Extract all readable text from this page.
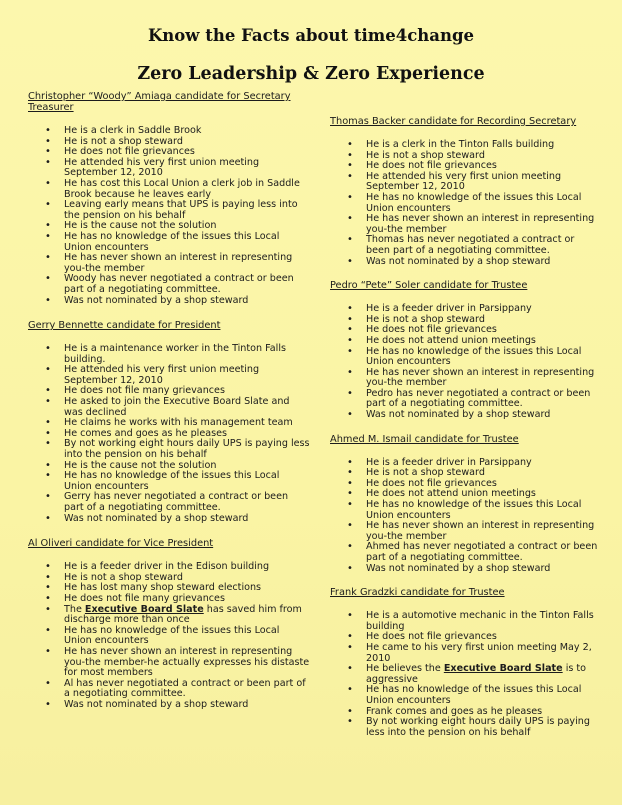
Know the Facts about time4change
Zero Leadership & Zero Experience

Christopher “Woody” Amiaga candidate for Secretary Treasurer

• He is a clerk in Saddle Brook
• He is not a shop steward
• He does not file grievances
• He attended his very first union meeting September 12, 2010
• He has cost this Local Union a clerk job in Saddle Brook because he leaves early
• Leaving early means that UPS is paying less into the pension on his behalf
• He is the cause not the solution
• He has no knowledge of the issues this Local Union encounters
• He has never shown an interest in representing you-the member
• Woody has never negotiated a contract or been part of a negotiating committee.
• Was not nominated by a shop steward

Gerry Bennette candidate for President

• He is a maintenance worker in the Tinton Falls building.
• He attended his very first union meeting September 12, 2010
• He does not file many grievances
• He asked to join the Executive Board Slate and was declined
• He claims he works with his management team
• He comes and goes as he pleases
• By not working eight hours daily UPS is paying less into the pension on his behalf
• He is the cause not the solution
• He has no knowledge of the issues this Local Union encounters
• Gerry has never negotiated a contract or been part of a negotiating committee.
• Was not nominated by a shop steward

Al Oliveri candidate for Vice President

• He is a feeder driver in the Edison building
• He is not a shop steward
• He has lost many shop steward elections
• He does not file many grievances
• The Executive Board Slate has saved him from discharge more than once
• He has no knowledge of the issues this Local Union encounters
• He has never shown an interest in representing you-the member-he actually expresses his distaste for most members
• Al has never negotiated a contract or been part of a negotiating committee.
• Was not nominated by a shop steward

Thomas Backer candidate for Recording Secretary

• He is a clerk in the Tinton Falls building
• He is not a shop steward
• He does not file grievances
• He attended his very first union meeting September 12, 2010
• He has no knowledge of the issues this Local Union encounters
• He has never shown an interest in representing you-the member
• Thomas has never negotiated a contract or been part of a negotiating committee.
• Was not nominated by a shop steward

Pedro “Pete” Soler candidate for Trustee

• He is a feeder driver in Parsippany
• He is not a shop steward
• He does not file grievances
• He does not attend union meetings
• He has no knowledge of the issues this Local Union encounters
• He has never shown an interest in representing you-the member
• Pedro has never negotiated a contract or been part of a negotiating committee.
• Was not nominated by a shop steward

Ahmed M. Ismail candidate for Trustee

• He is a feeder driver in Parsippany
• He is not a shop steward
• He does not file grievances
• He does not attend union meetings
• He has no knowledge of the issues this Local Union encounters
• He has never shown an interest in representing you-the member
• Ahmed has never negotiated a contract or been part of a negotiating committee.
• Was not nominated by a shop steward

Frank Gradzki candidate for Trustee

• He is a automotive mechanic in the Tinton Falls building
• He does not file grievances
• He came to his very first union meeting May 2, 2010
• He believes the Executive Board Slate is to aggressive
• He has no knowledge of the issues this Local Union encounters
• Frank comes and goes as he pleases
• By not working eight hours daily UPS is paying less into the pension on his behalf
